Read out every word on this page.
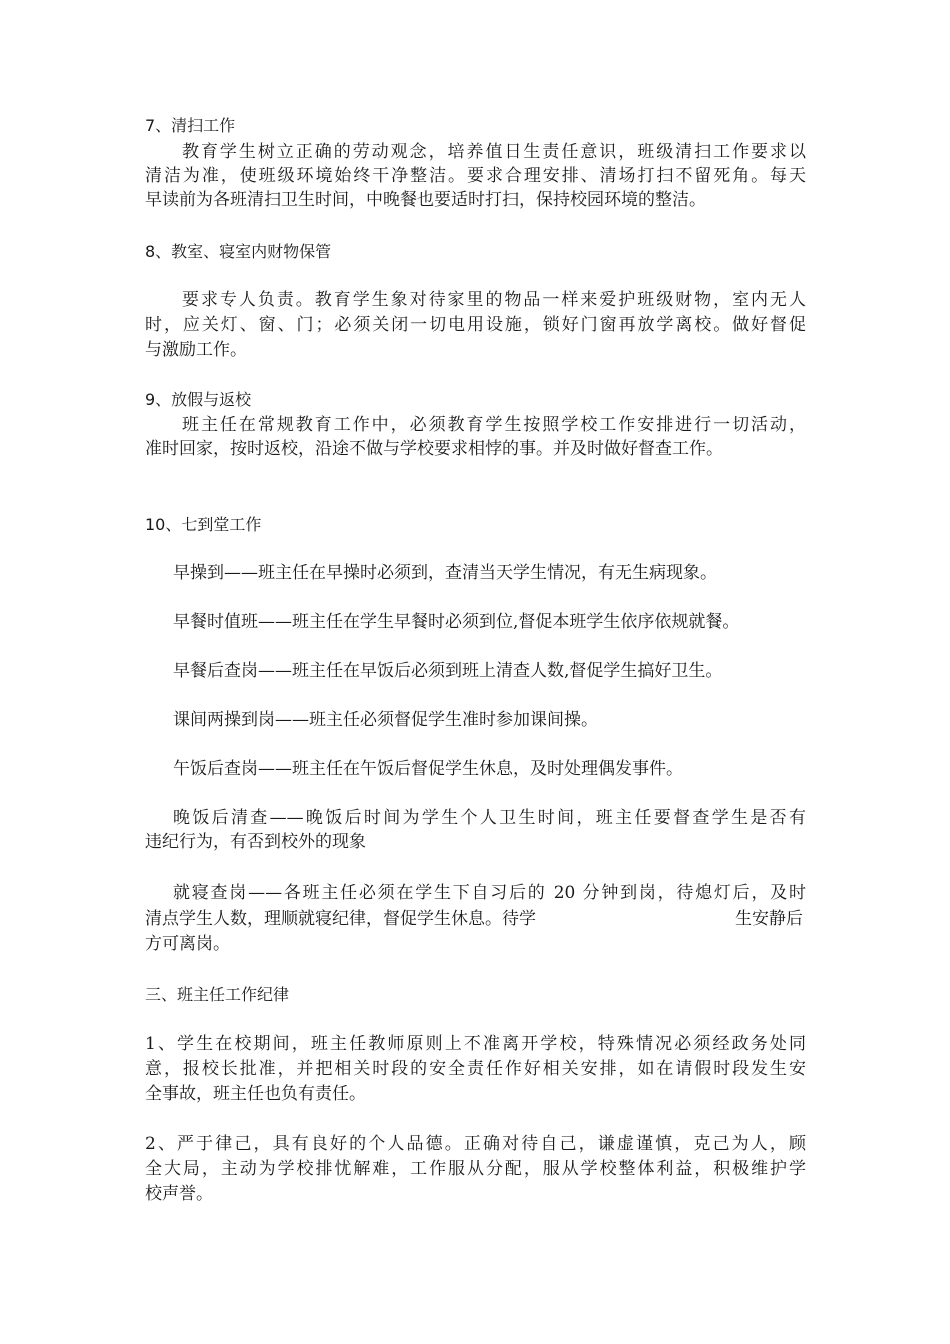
7、清扫工作
教育学生树立正确的劳动观念，培养值日生责任意识，班级清扫工作要求以
清洁为准，使班级环境始终干净整洁。要求合理安排、清场打扫不留死角。每天
早读前为各班清扫卫生时间，中晚餐也要适时打扫，保持校园环境的整洁。
8、教室、寝室内财物保管
要求专人负责。教育学生象对待家里的物品一样来爱护班级财物，室内无人
时，应关灯、窗、门；必须关闭一切电用设施，锁好门窗再放学离校。做好督促
与激励工作。
9、放假与返校
班主任在常规教育工作中，必须教育学生按照学校工作安排进行一切活动，
准时回家，按时返校，沿途不做与学校要求相悖的事。并及时做好督查工作。
10、七到堂工作
早操到——班主任在早操时必须到，查清当天学生情况，有无生病现象。
早餐时值班——班主任在学生早餐时必须到位,督促本班学生依序依规就餐。
早餐后查岗——班主任在早饭后必须到班上清查人数,督促学生搞好卫生。
课间两操到岗——班主任必须督促学生准时参加课间操。
午饭后查岗——班主任在午饭后督促学生休息，及时处理偶发事件。
晚饭后清查——晚饭后时间为学生个人卫生时间，班主任要督查学生是否有
违纪行为，有否到校外的现象
就寝查岗——各班主任必须在学生下自习后的 20 分钟到岗，待熄灯后，及时
清点学生人数，理顺就寝纪律，督促学生休息。待学	生安静后
方可离岗。
三、班主任工作纪律
1、学生在校期间，班主任教师原则上不准离开学校，特殊情况必须经政务处同
意，报校长批准，并把相关时段的安全责任作好相关安排，如在请假时段发生安
全事故，班主任也负有责任。
2、严于律己，具有良好的个人品德。正确对待自己，谦虚谨慎，克己为人，顾
全大局，主动为学校排忧解难，工作服从分配，服从学校整体利益，积极维护学
校声誉。
